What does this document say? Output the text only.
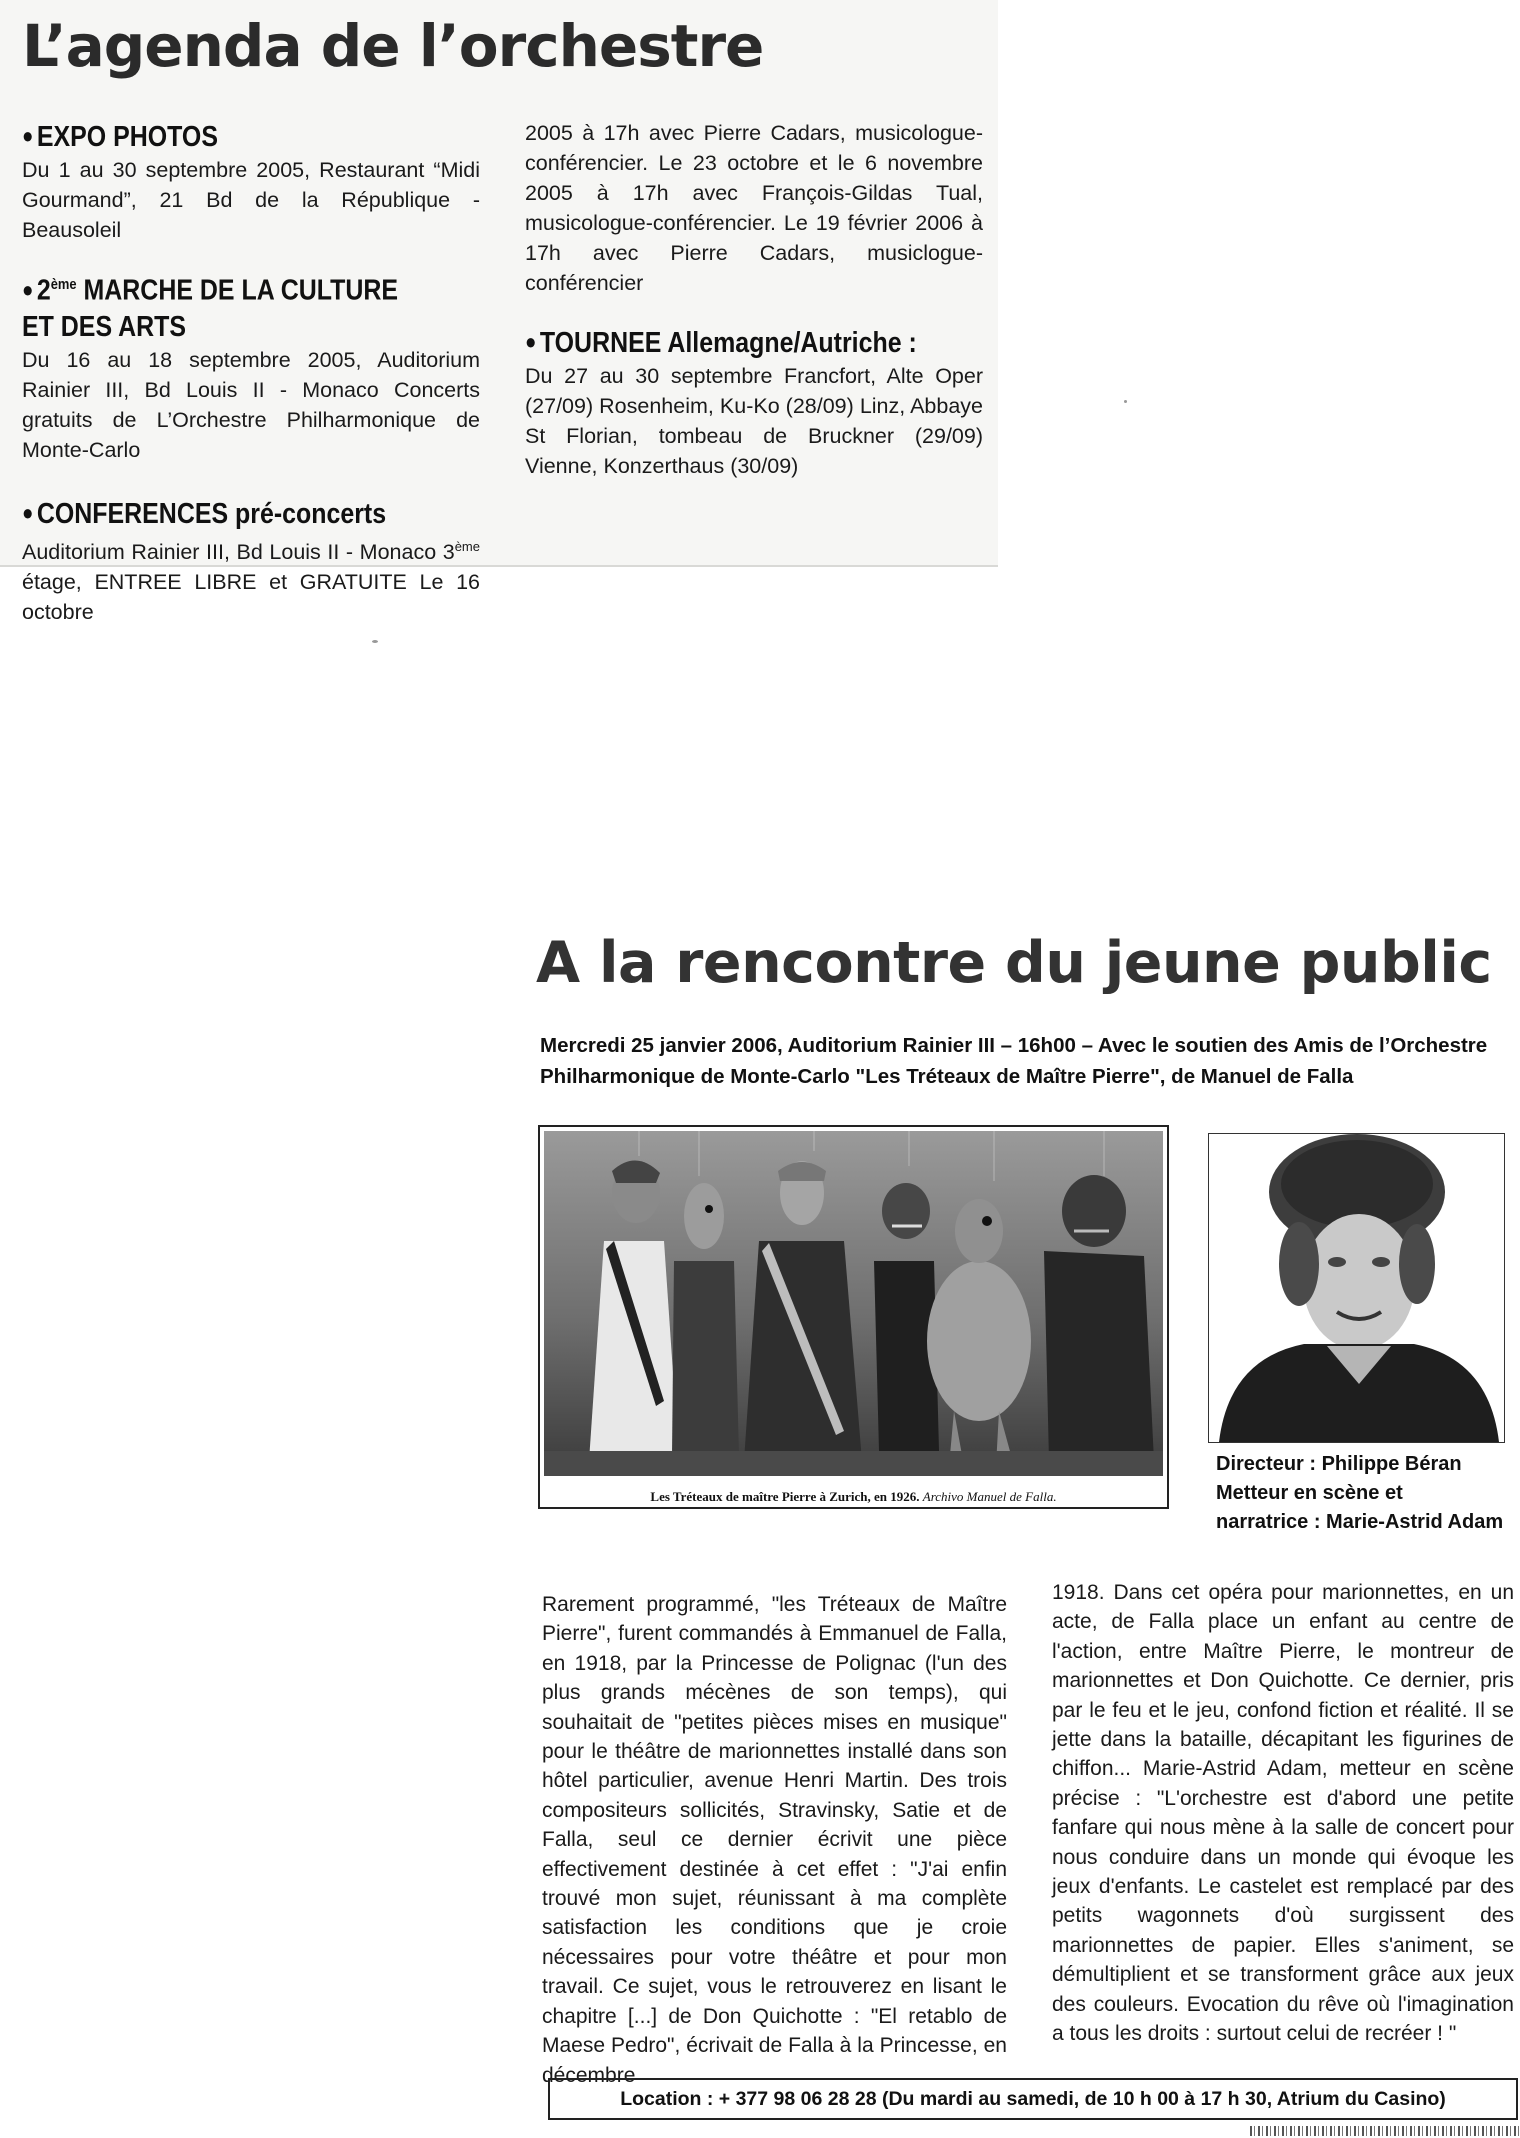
L’agenda de l’orchestre
● EXPO PHOTOS
Du 1 au 30 septembre 2005, Restaurant “Midi Gourmand”, 21 Bd de la République - Beausoleil
● 2ème MARCHE DE LA CULTURE
ET DES ARTS
Du 16 au 18 septembre 2005, Auditorium Rainier III, Bd Louis II - Monaco Concerts gratuits de L’Orchestre Philharmonique de Monte-Carlo
● CONFERENCES pré-concerts
Auditorium Rainier III, Bd Louis II - Monaco 3ème étage, ENTREE LIBRE et GRATUITE Le 16 octobre
2005 à 17h avec Pierre Cadars, musicologue-conférencier. Le 23 octobre et le 6 novembre 2005 à 17h avec François-Gildas Tual, musicologue-conférencier. Le 19 février 2006 à 17h avec Pierre Cadars, musiclogue-conférencier
● TOURNEE Allemagne/Autriche :
Du 27 au 30 septembre Francfort, Alte Oper (27/09) Rosenheim, Ku-Ko (28/09) Linz, Abbaye St Florian, tombeau de Bruckner (29/09) Vienne, Konzerthaus (30/09)
A la rencontre du jeune public
Mercredi 25 janvier 2006, Auditorium Rainier III – 16h00 – Avec le soutien des Amis de l’Orchestre Philharmonique de Monte-Carlo "Les Tréteaux de Maître Pierre", de Manuel de Falla
Les Tréteaux de maître Pierre à Zurich, en 1926. Archivo Manuel de Falla.
Directeur : Philippe Béran
Metteur en scène et
narratrice : Marie-Astrid Adam
Rarement programmé, "les Tréteaux de Maître Pierre", furent commandés à Emmanuel de Falla, en 1918, par la Princesse de Polignac (l'un des plus grands mécènes de son temps), qui souhaitait de "petites pièces mises en musique" pour le théâtre de marionnettes installé dans son hôtel particulier, avenue Henri Martin. Des trois compositeurs sollicités, Stravinsky, Satie et de Falla, seul ce dernier écrivit une pièce effectivement destinée à cet effet : "J'ai enfin trouvé mon sujet, réunissant à ma complète satisfaction les conditions que je croie nécessaires pour votre théâtre et pour mon travail. Ce sujet, vous le retrouverez en lisant le chapitre [...] de Don Quichotte : "El retablo de Maese Pedro", écrivait de Falla à la Princesse, en décembre
1918. Dans cet opéra pour marionnettes, en un acte, de Falla place un enfant au centre de l'action, entre Maître Pierre, le montreur de marionnettes et Don Quichotte. Ce dernier, pris par le feu et le jeu, confond fiction et réalité. Il se jette dans la bataille, décapitant les figurines de chiffon... Marie-Astrid Adam, metteur en scène précise : "L'orchestre est d'abord une petite fanfare qui nous mène à la salle de concert pour nous conduire dans un monde qui évoque les jeux d'enfants. Le castelet est remplacé par des petits wagonnets d'où surgissent des marionnettes de papier. Elles s'animent, se démultiplient et se transforment grâce aux jeux des couleurs. Evocation du rêve où l'imagination a tous les droits : surtout celui de recréer ! "
Location : + 377 98 06 28 28 (Du mardi au samedi, de 10 h 00 à 17 h 30, Atrium du Casino)
